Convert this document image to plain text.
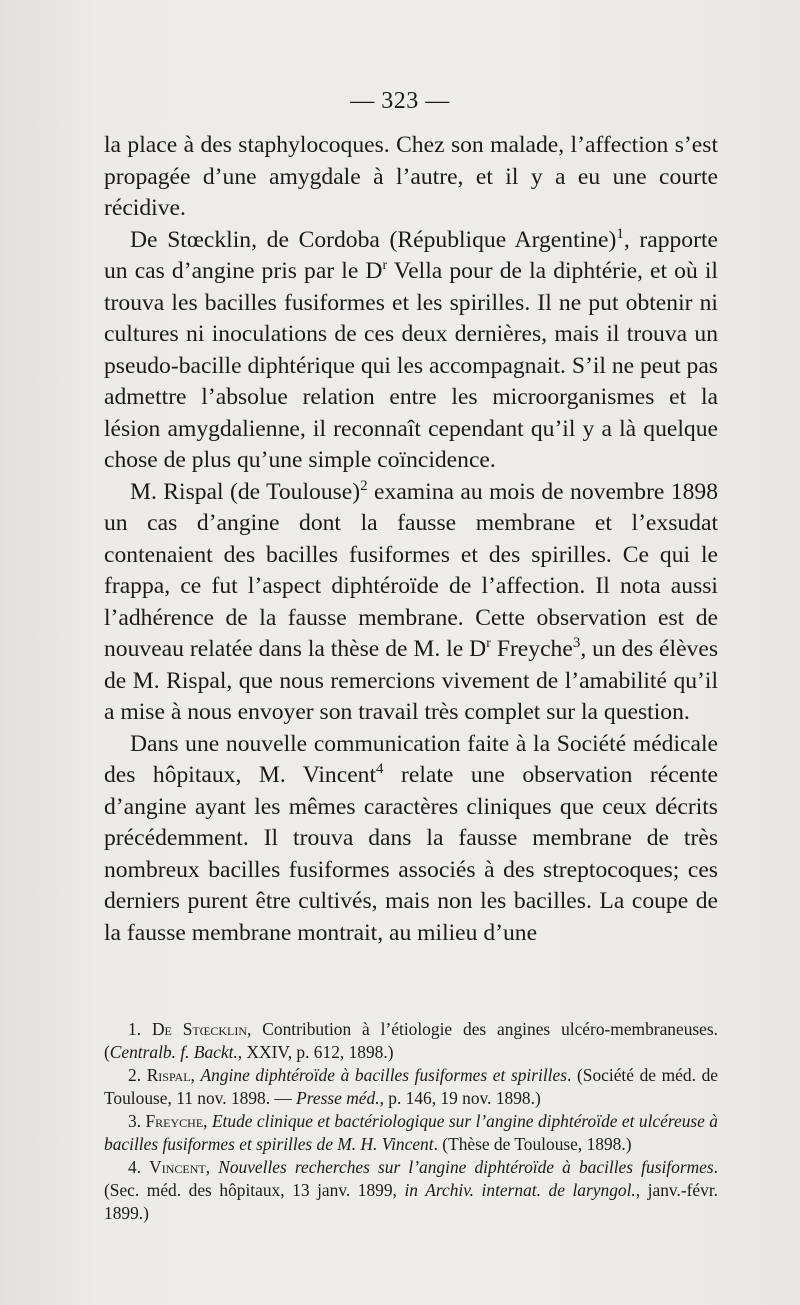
— 323 —

la place à des staphylocoques. Chez son malade, l’affection s’est propagée d’une amygdale à l’autre, et il y a eu une courte récidive.

De Stœcklin, de Cordoba (République Argentine)$^1$, rapporte un cas d’angine pris par le $D^r$ Vella pour de la diphtérie, et où il trouva les bacilles fusiformes et les spirilles. Il ne put obtenir ni cultures ni inoculations de ces deux dernières, mais il trouva un pseudo-bacille diphtérique qui les accompagnait. S’il ne peut pas admettre l’absolue relation entre les microorganismes et la lésion amygdalienne, il reconnaît cependant qu’il y a là quelque chose de plus qu’une simple coïncidence.

M. Rispal (de Toulouse)$^2$ examina au mois de novembre 1898 un cas d’angine dont la fausse membrane et l’exsudat contenaient des bacilles fusiformes et des spirilles. Ce qui le frappa, ce fut l’aspect diphtéroïde de l’affection. Il nota aussi l’adhérence de la fausse membrane. Cette observation est de nouveau relatée dans la thèse de M. le $D^r$ Freyche$^3$, un des élèves de M. Rispal, que nous remercions vivement de l’amabilité qu’il a mise à nous envoyer son travail très complet sur la question.

Dans une nouvelle communication faite à la Société médicale des hôpitaux, M. Vincent$^4$ relate une observation récente d’angine ayant les mêmes caractères cliniques que ceux décrits précédemment. Il trouva dans la fausse membrane de très nombreux bacilles fusiformes associés à des streptocoques; ces derniers purent être cultivés, mais non les bacilles. La coupe de la fausse membrane montrait, au milieu d’une

1. De Stœcklin, Contribution à l’étiologie des angines ulcéro-membraneuses. (Centralb. f. Backt., XXIV, p. 612, 1898.)

2. Rispal, Angine diphtéroïde à bacilles fusiformes et spirilles. (Société de méd. de Toulouse, 11 nov. 1898. — Presse méd., p. 146, 19 nov. 1898.)

3. Freyche, Etude clinique et bactériologique sur l’angine diphtéroïde et ulcéreuse à bacilles fusiformes et spirilles de M. H. Vincent. (Thèse de Toulouse, 1898.)

4. Vincent, Nouvelles recherches sur l’angine diphtéroïde à bacilles fusiformes. (Sec. méd. des hôpitaux, 13 janv. 1899, in Archiv. internat. de laryngol., janv.-févr. 1899.)
